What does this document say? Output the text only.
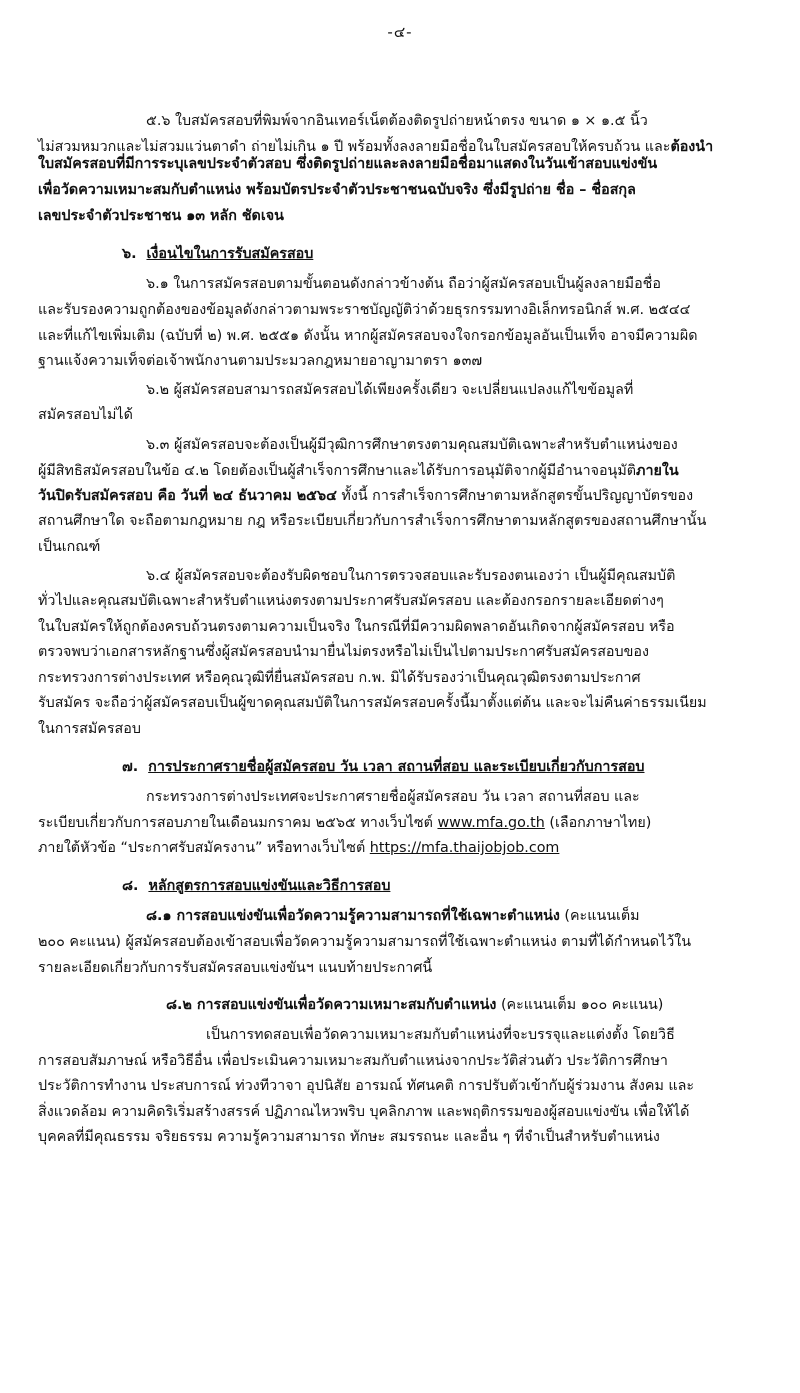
-๔-
๕.๖ ใบสมัครสอบที่พิมพ์จากอินเทอร์เน็ตต้องติดรูปถ่ายหน้าตรง ขนาด ๑ × ๑.๕ นิ้ว
ไม่สวมหมวกและไม่สวมแว่นตาดำ ถ่ายไม่เกิน ๑ ปี พร้อมทั้งลงลายมือชื่อในใบสมัครสอบให้ครบถ้วน และต้องนำ
ใบสมัครสอบที่มีการระบุเลขประจำตัวสอบ ซึ่งติดรูปถ่ายและลงลายมือชื่อมาแสดงในวันเข้าสอบแข่งขัน
เพื่อวัดความเหมาะสมกับตำแหน่ง พร้อมบัตรประจำตัวประชาชนฉบับจริง ซึ่งมีรูปถ่าย ชื่อ – ชื่อสกุล
เลขประจำตัวประชาชน ๑๓ หลัก ชัดเจน
๖. เงื่อนไขในการรับสมัครสอบ
๖.๑ ในการสมัครสอบตามขั้นตอนดังกล่าวข้างต้น ถือว่าผู้สมัครสอบเป็นผู้ลงลายมือชื่อ
และรับรองความถูกต้องของข้อมูลดังกล่าวตามพระราชบัญญัติว่าด้วยธุรกรรมทางอิเล็กทรอนิกส์ พ.ศ. ๒๕๔๔
และที่แก้ไขเพิ่มเติม (ฉบับที่ ๒) พ.ศ. ๒๕๕๑ ดังนั้น หากผู้สมัครสอบจงใจกรอกข้อมูลอันเป็นเท็จ อาจมีความผิด
ฐานแจ้งความเท็จต่อเจ้าพนักงานตามประมวลกฎหมายอาญามาตรา ๑๓๗
๖.๒ ผู้สมัครสอบสามารถสมัครสอบได้เพียงครั้งเดียว จะเปลี่ยนแปลงแก้ไขข้อมูลที่
สมัครสอบไม่ได้
๖.๓ ผู้สมัครสอบจะต้องเป็นผู้มีวุฒิการศึกษาตรงตามคุณสมบัติเฉพาะสำหรับตำแหน่งของ
ผู้มีสิทธิสมัครสอบในข้อ ๔.๒ โดยต้องเป็นผู้สำเร็จการศึกษาและได้รับการอนุมัติจากผู้มีอำนาจอนุมัติภายใน
วันปิดรับสมัครสอบ คือ วันที่ ๒๔ ธันวาคม ๒๕๖๔ ทั้งนี้ การสำเร็จการศึกษาตามหลักสูตรขั้นปริญญาบัตรของ
สถานศึกษาใด จะถือตามกฎหมาย กฎ หรือระเบียบเกี่ยวกับการสำเร็จการศึกษาตามหลักสูตรของสถานศึกษานั้น
เป็นเกณฑ์
๖.๔ ผู้สมัครสอบจะต้องรับผิดชอบในการตรวจสอบและรับรองตนเองว่า เป็นผู้มีคุณสมบัติ
ทั่วไปและคุณสมบัติเฉพาะสำหรับตำแหน่งตรงตามประกาศรับสมัครสอบ และต้องกรอกรายละเอียดต่างๆ
ในใบสมัครให้ถูกต้องครบถ้วนตรงตามความเป็นจริง ในกรณีที่มีความผิดพลาดอันเกิดจากผู้สมัครสอบ หรือ
ตรวจพบว่าเอกสารหลักฐานซึ่งผู้สมัครสอบนำมายื่นไม่ตรงหรือไม่เป็นไปตามประกาศรับสมัครสอบของ
กระทรวงการต่างประเทศ หรือคุณวุฒิที่ยื่นสมัครสอบ ก.พ. มิได้รับรองว่าเป็นคุณวุฒิตรงตามประกาศ
รับสมัคร จะถือว่าผู้สมัครสอบเป็นผู้ขาดคุณสมบัติในการสมัครสอบครั้งนี้มาตั้งแต่ต้น และจะไม่คืนค่าธรรมเนียม
ในการสมัครสอบ
๗. การประกาศรายชื่อผู้สมัครสอบ วัน เวลา สถานที่สอบ และระเบียบเกี่ยวกับการสอบ
กระทรวงการต่างประเทศจะประกาศรายชื่อผู้สมัครสอบ วัน เวลา สถานที่สอบ และ
ระเบียบเกี่ยวกับการสอบภายในเดือนมกราคม ๒๕๖๕ ทางเว็บไซต์ www.mfa.go.th (เลือกภาษาไทย)
ภายใต้หัวข้อ “ประกาศรับสมัครงาน” หรือทางเว็บไซต์ https://mfa.thaijobjob.com
๘. หลักสูตรการสอบแข่งขันและวิธีการสอบ
๘.๑ การสอบแข่งขันเพื่อวัดความรู้ความสามารถที่ใช้เฉพาะตำแหน่ง (คะแนนเต็ม
๒๐๐ คะแนน) ผู้สมัครสอบต้องเข้าสอบเพื่อวัดความรู้ความสามารถที่ใช้เฉพาะตำแหน่ง ตามที่ได้กำหนดไว้ใน
รายละเอียดเกี่ยวกับการรับสมัครสอบแข่งขันฯ แนบท้ายประกาศนี้
๘.๒ การสอบแข่งขันเพื่อวัดความเหมาะสมกับตำแหน่ง (คะแนนเต็ม ๑๐๐ คะแนน)
เป็นการทดสอบเพื่อวัดความเหมาะสมกับตำแหน่งที่จะบรรจุและแต่งตั้ง โดยวิธี
การสอบสัมภาษณ์ หรือวิธีอื่น เพื่อประเมินความเหมาะสมกับตำแหน่งจากประวัติส่วนตัว ประวัติการศึกษา
ประวัติการทำงาน ประสบการณ์ ท่วงทีวาจา อุปนิสัย อารมณ์ ทัศนคติ การปรับตัวเข้ากับผู้ร่วมงาน สังคม และ
สิ่งแวดล้อม ความคิดริเริ่มสร้างสรรค์ ปฏิภาณไหวพริบ บุคลิกภาพ และพฤติกรรมของผู้สอบแข่งขัน เพื่อให้ได้
บุคคลที่มีคุณธรรม จริยธรรม ความรู้ความสามารถ ทักษะ สมรรถนะ และอื่น ๆ ที่จำเป็นสำหรับตำแหน่ง
